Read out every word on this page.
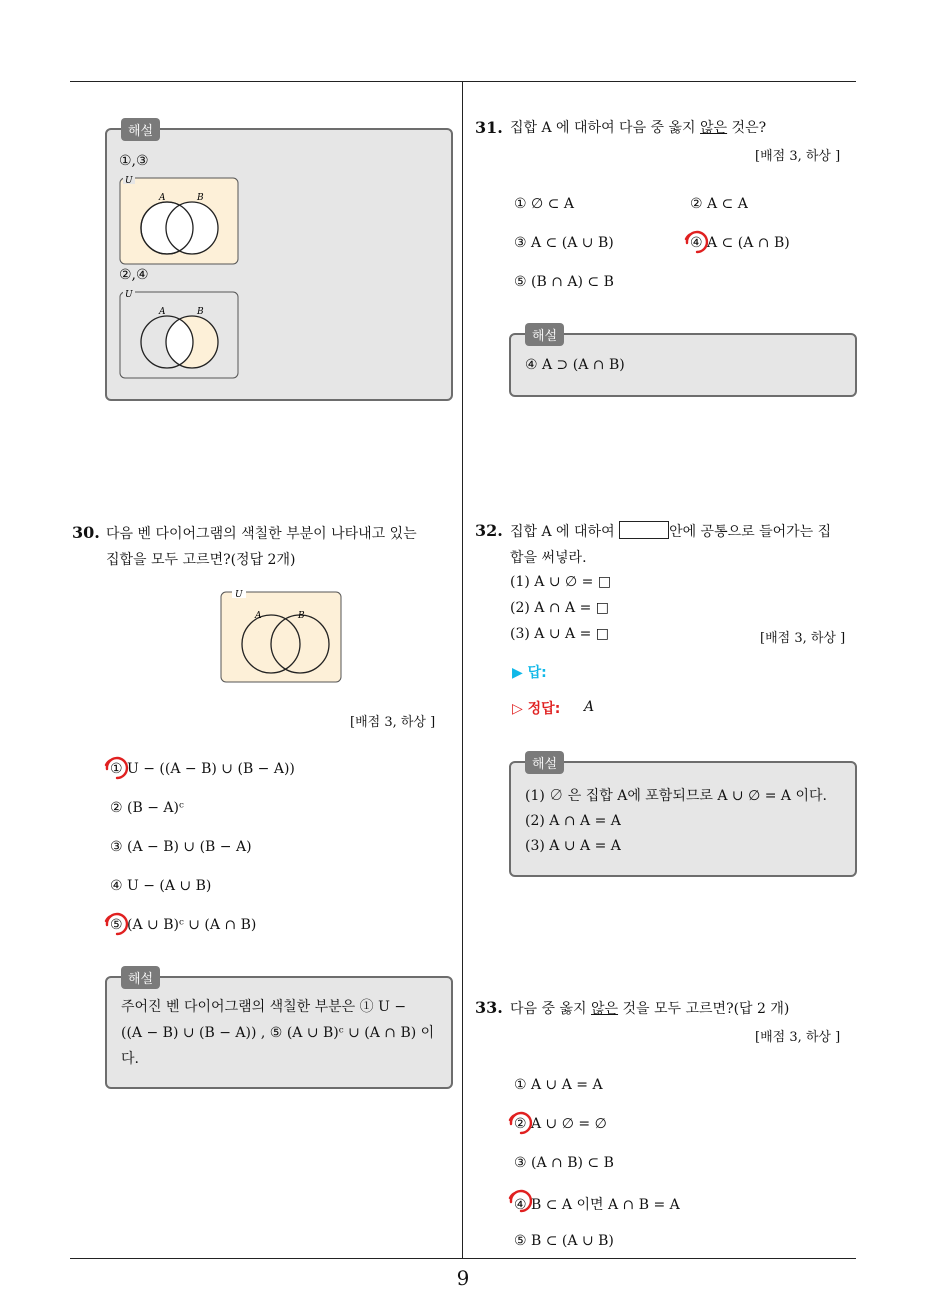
해설
①,③
U
A	B
②,④
U
A	B
30. 다음 벤 다이어그램의 색칠한 부분이 나타내고 있는
집합을 모두 고르면?(정답 2개)
U
A	B
[배점 3, 하상 ]
① U − ((A − B) ∪ (B − A))
② (B − A)ᶜ
③ (A − B) ∪ (B − A)
④ U − (A ∪ B)
⑤ (A ∪ B)ᶜ ∪ (A ∩ B)
해설
주어진 벤 다이어그램의 색칠한 부분은 ① U −
((A − B) ∪ (B − A)) , ⑤ (A ∪ B)ᶜ ∪ (A ∩ B) 이
다.
31. 집합 A 에 대하여 다음 중 옳지 않은 것은?
[배점 3, 하상 ]
① ∅ ⊂ A	② A ⊂ A
③ A ⊂ (A ∪ B)	④ A ⊂ (A ∩ B)
⑤ (B ∩ A) ⊂ B
해설
④ A ⊃ (A ∩ B)
32. 집합 A 에 대하여	안에 공통으로 들어가는 집
합을 써넣라.
(1) A ∪ ∅ = □
(2) A ∩ A = □
(3) A ∪ A = □	[배점 3, 하상 ]
▶ 답:
▷ 정답: A
해설
(1) ∅ 은 집합 A에 포함되므로 A ∪ ∅ = A 이다.
(2) A ∩ A = A
(3) A ∪ A = A
33. 다음 중 옳지 않은 것을 모두 고르면?(답 2 개)
[배점 3, 하상 ]
① A ∪ A = A
② A ∪ ∅ = ∅
③ (A ∩ B) ⊂ B
④ B ⊂ A 이면 A ∩ B = A
⑤ B ⊂ (A ∪ B)
9
